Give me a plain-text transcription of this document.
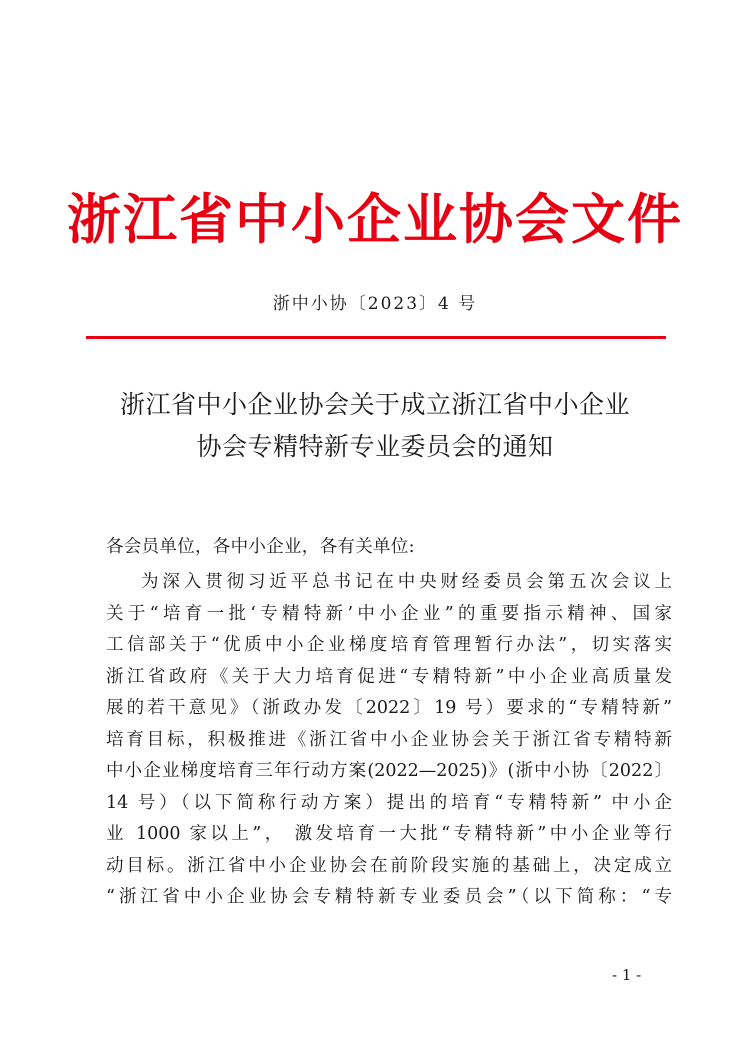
浙江省中小企业协会文件
浙中小协〔2023〕4 号
浙江省中小企业协会关于成立浙江省中小企业
协会专精特新专业委员会的通知
各会员单位，各中小企业，各有关单位:
为深入贯彻习近平总书记在中央财经委员会第五次会议上
关于“培育一批‘专精特新’中小企业”的重要指示精神、国家
工信部关于“优质中小企业梯度培育管理暂行办法”，切实落实
浙江省政府《关于大力培育促进“专精特新”中小企业高质量发
展的若干意见》（浙政办发〔2022〕19 号）要求的“专精特新”
培育目标，积极推进《浙江省中小企业协会关于浙江省专精特新
中小企业梯度培育三年行动方案(2022—2025)》(浙中小协〔2022〕
14 号）（以下简称行动方案）提出的培育“专精特新” 中小企
业 1000 家以上”， 激发培育一大批“专精特新”中小企业等行
动目标。浙江省中小企业协会在前阶段实施的基础上，决定成立
“浙江省中小企业协会专精特新专业委员会”（以下简称：“专
- 1 -
